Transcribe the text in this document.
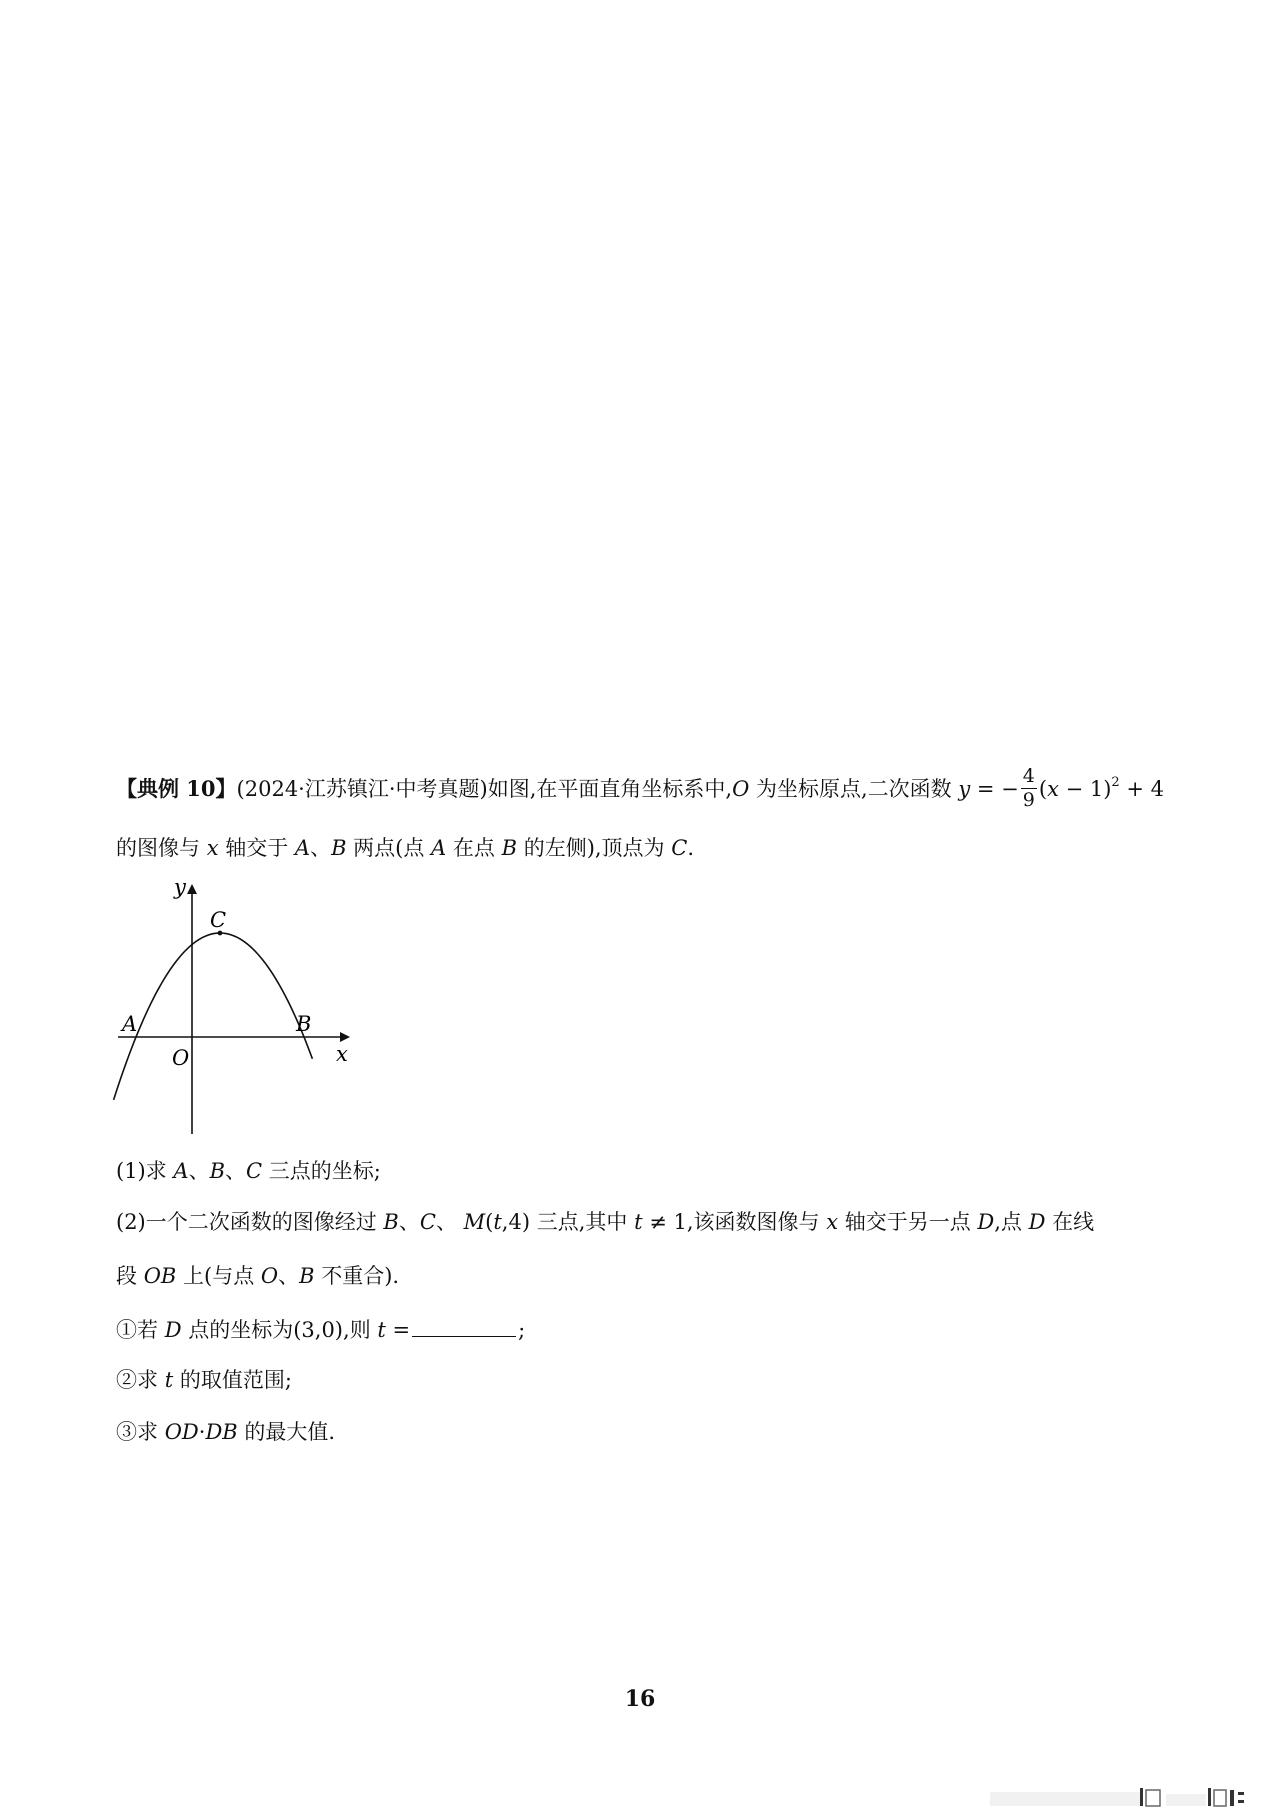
【典例 10】(2024·江苏镇江·中考真题)如图,在平面直角坐标系中,O 为坐标原点,二次函数 y = − $\frac{4}{9} (x - 1)^2 + 4$
的图像与 x 轴交于 A、B 两点(点 A 在点 B 的左侧),顶点为 C.
y
x
O
A	B
C
(1)求 A、B、C 三点的坐标;
(2)一个二次函数的图像经过 B、C、 M(t,4) 三点,其中 t ≠ 1,该函数图像与 x 轴交于另一点 D,点 D 在线
段 OB 上(与点 O、B 不重合).
①若 D 点的坐标为(3,0),则 t =	;
②求 t 的取值范围;
③求 OD·DB 的最大值.
16
